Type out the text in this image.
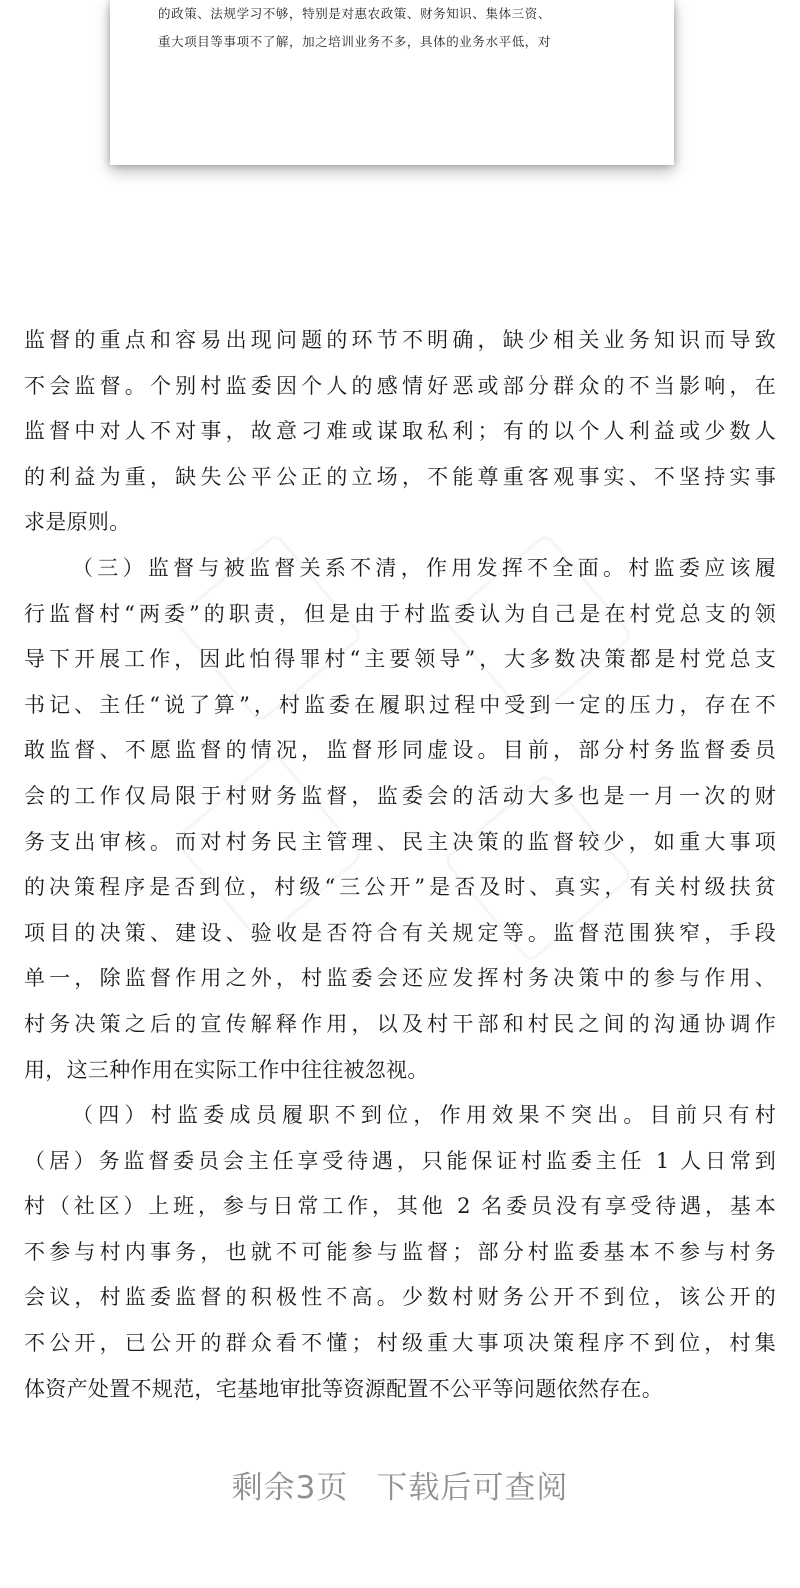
的政策、法规学习不够，特别是对惠农政策、财务知识、集体三资、
重大项目等事项不了解，加之培训业务不多，具体的业务水平低，对
监督的重点和容易出现问题的环节不明确，缺少相关业务知识而导致
不会监督。个别村监委因个人的感情好恶或部分群众的不当影响，在
监督中对人不对事，故意刁难或谋取私利；有的以个人利益或少数人
的利益为重，缺失公平公正的立场，不能尊重客观事实、不坚持实事
求是原则。
（三）监督与被监督关系不清，作用发挥不全面。村监委应该履
行监督村“两委”的职责，但是由于村监委认为自己是在村党总支的领
导下开展工作，因此怕得罪村“主要领导”，大多数决策都是村党总支
书记、主任“说了算”，村监委在履职过程中受到一定的压力，存在不
敢监督、不愿监督的情况，监督形同虚设。目前，部分村务监督委员
会的工作仅局限于村财务监督，监委会的活动大多也是一月一次的财
务支出审核。而对村务民主管理、民主决策的监督较少，如重大事项
的决策程序是否到位，村级“三公开”是否及时、真实，有关村级扶贫
项目的决策、建设、验收是否符合有关规定等。监督范围狭窄，手段
单一，除监督作用之外，村监委会还应发挥村务决策中的参与作用、
村务决策之后的宣传解释作用，以及村干部和村民之间的沟通协调作
用，这三种作用在实际工作中往往被忽视。
（四）村监委成员履职不到位，作用效果不突出。目前只有村
（居）务监督委员会主任享受待遇，只能保证村监委主任 1 人日常到
村（社区）上班，参与日常工作，其他 2 名委员没有享受待遇，基本
不参与村内事务，也就不可能参与监督；部分村监委基本不参与村务
会议，村监委监督的积极性不高。少数村财务公开不到位，该公开的
不公开，已公开的群众看不懂；村级重大事项决策程序不到位，村集
体资产处置不规范，宅基地审批等资源配置不公平等问题依然存在。
剩余3页 下载后可查阅
